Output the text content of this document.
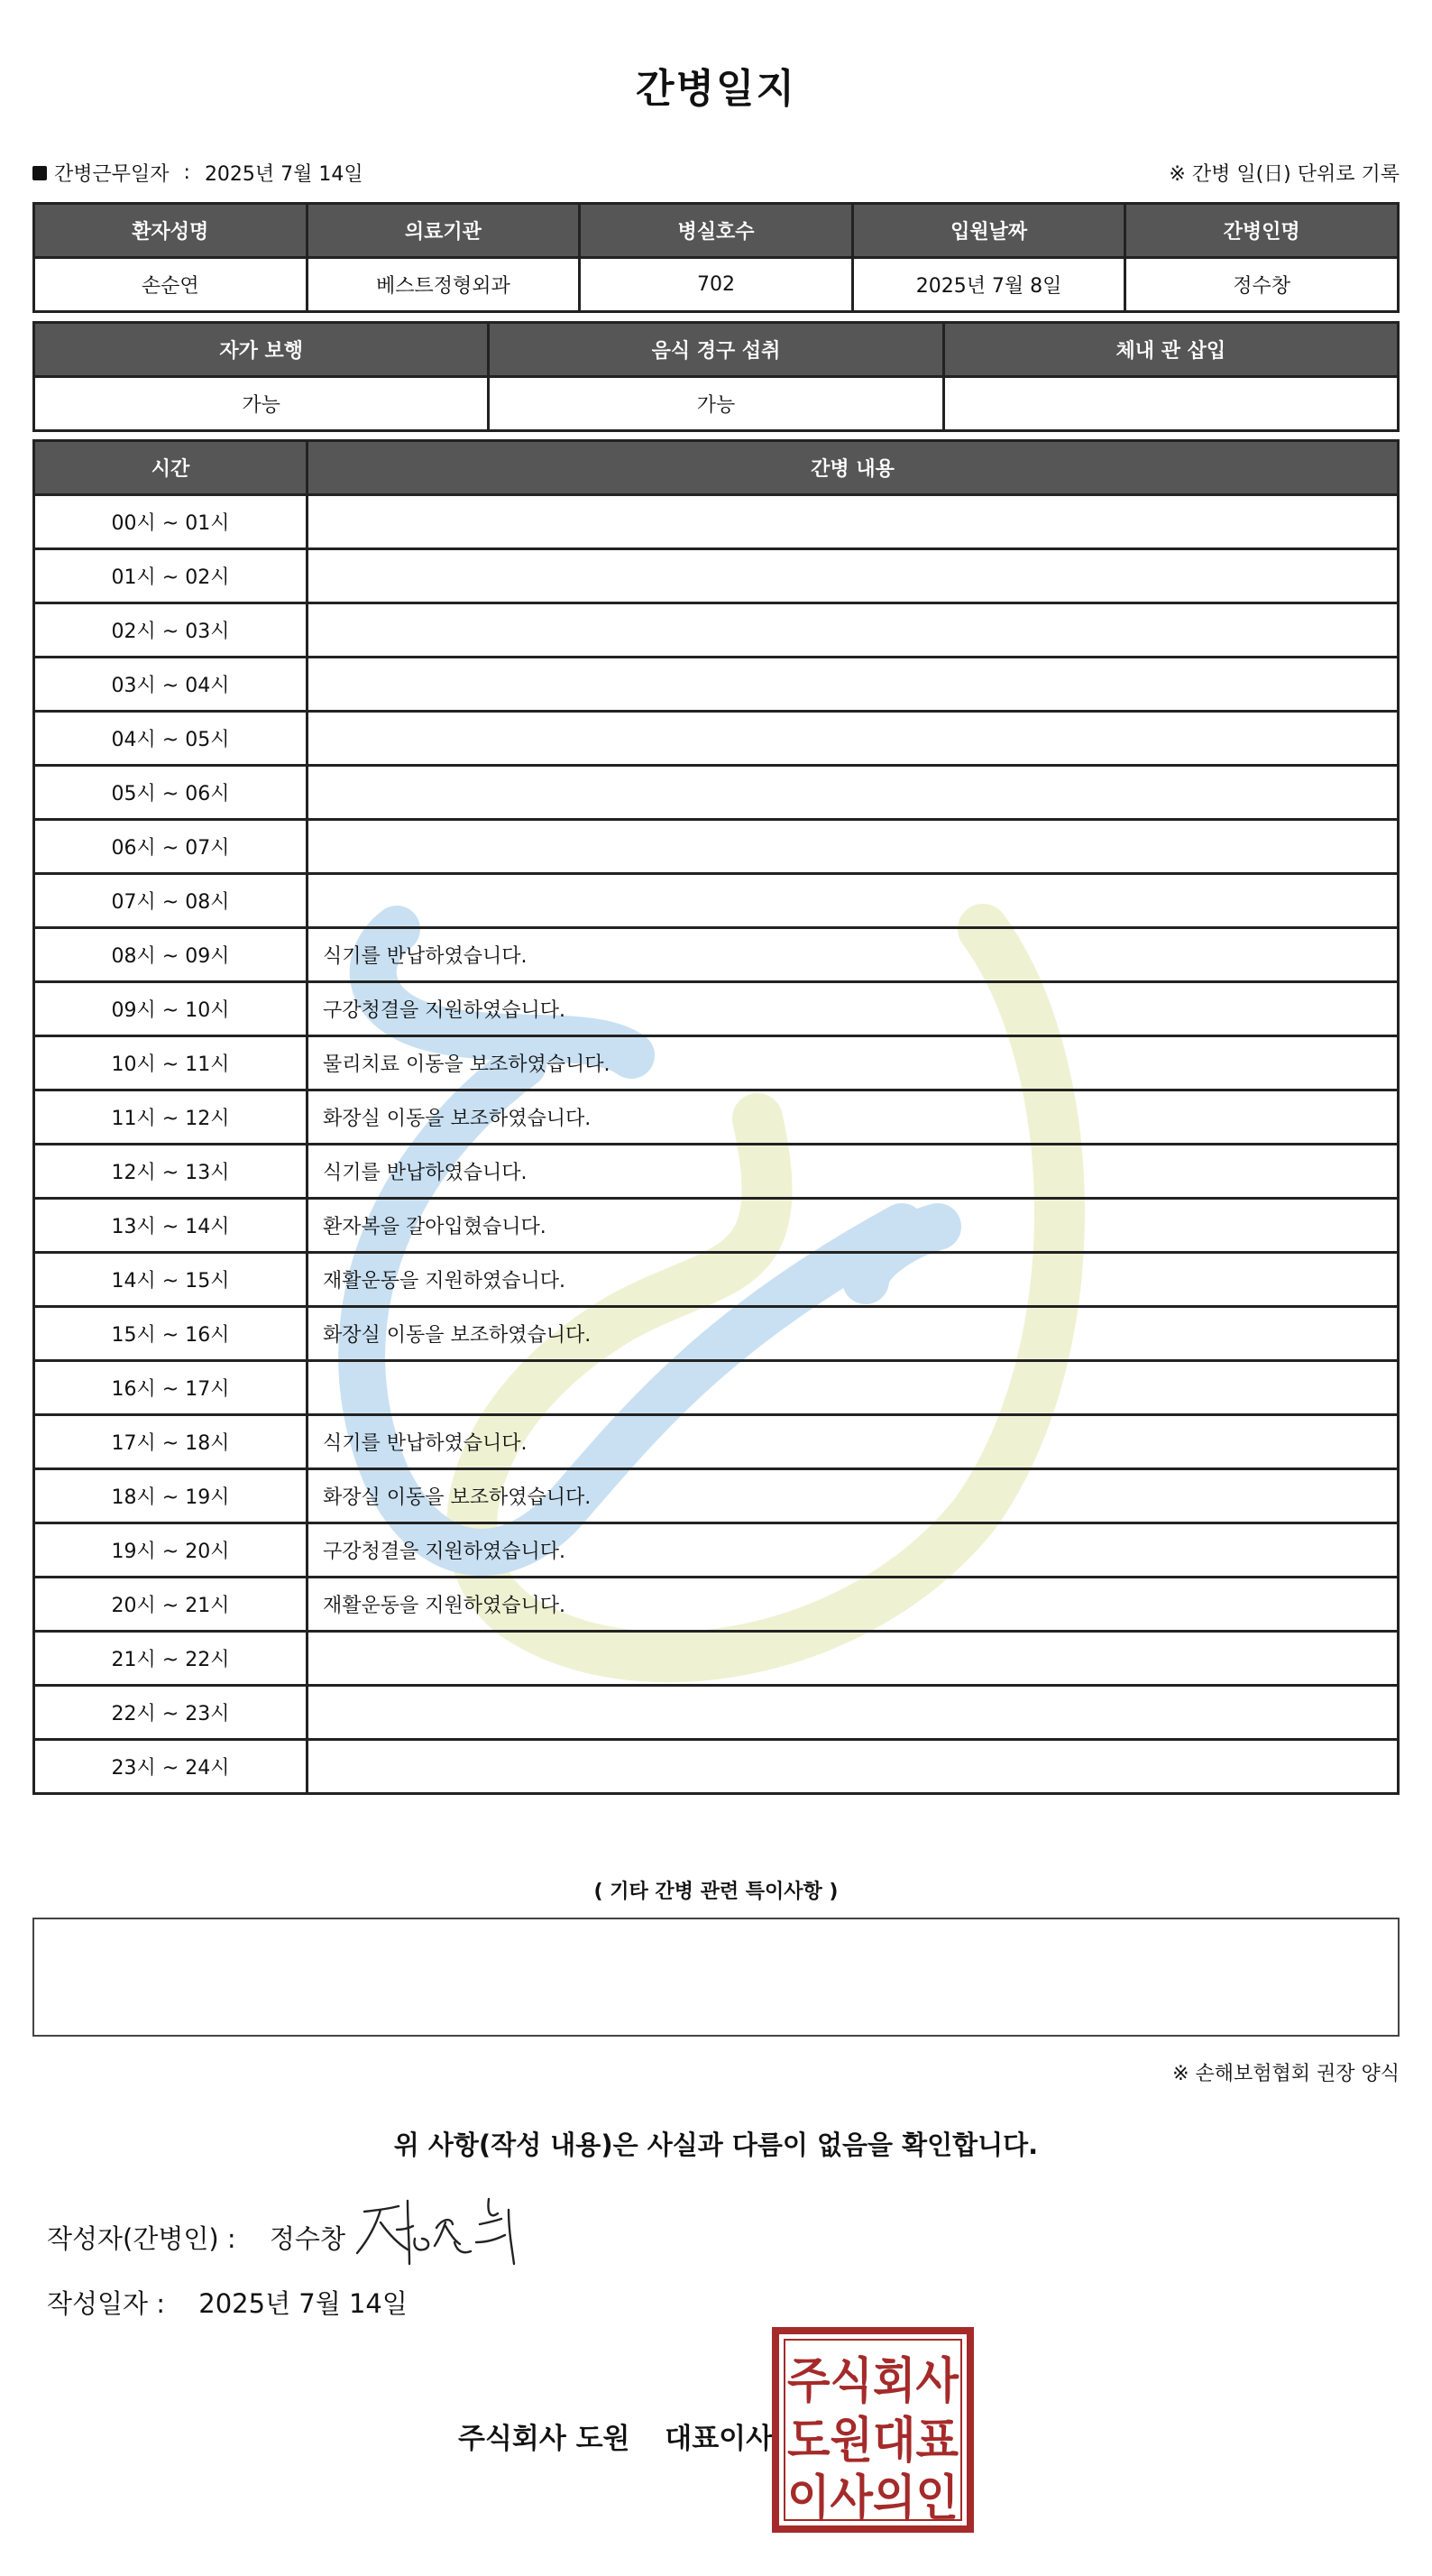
간병일지
간병근무일자 : 2025년 7월 14일	※ 간병 일(日) 단위로 기록
환자성명	의료기관	병실호수	입원날짜	간병인명
손순연	베스트정형외과	702	2025년 7월 8일	정수창
자가 보행	음식 경구 섭취	체내 관 삽입
가능	가능	
시간	간병 내용
00시 ~ 01시	
01시 ~ 02시	
02시 ~ 03시	
03시 ~ 04시	
04시 ~ 05시	
05시 ~ 06시	
06시 ~ 07시	
07시 ~ 08시	
08시 ~ 09시	식기를 반납하였습니다.
09시 ~ 10시	구강청결을 지원하였습니다.
10시 ~ 11시	물리치료 이동을 보조하였습니다.
11시 ~ 12시	화장실 이동을 보조하였습니다.
12시 ~ 13시	식기를 반납하였습니다.
13시 ~ 14시	환자복을 갈아입혔습니다.
14시 ~ 15시	재활운동을 지원하였습니다.
15시 ~ 16시	화장실 이동을 보조하였습니다.
16시 ~ 17시	
17시 ~ 18시	식기를 반납하였습니다.
18시 ~ 19시	화장실 이동을 보조하였습니다.
19시 ~ 20시	구강청결을 지원하였습니다.
20시 ~ 21시	재활운동을 지원하였습니다.
21시 ~ 22시	
22시 ~ 23시	
23시 ~ 24시	
( 기타 간병 관련 특이사항 )
※ 손해보험협회 권장 양식
위 사항(작성 내용)은 사실과 다름이 없음을 확인합니다.
작성자(간병인) : 정수창
작성일자 : 2025년 7월 14일
주식회사 도원 대표이사
주식회사
도원대표
이사의인
